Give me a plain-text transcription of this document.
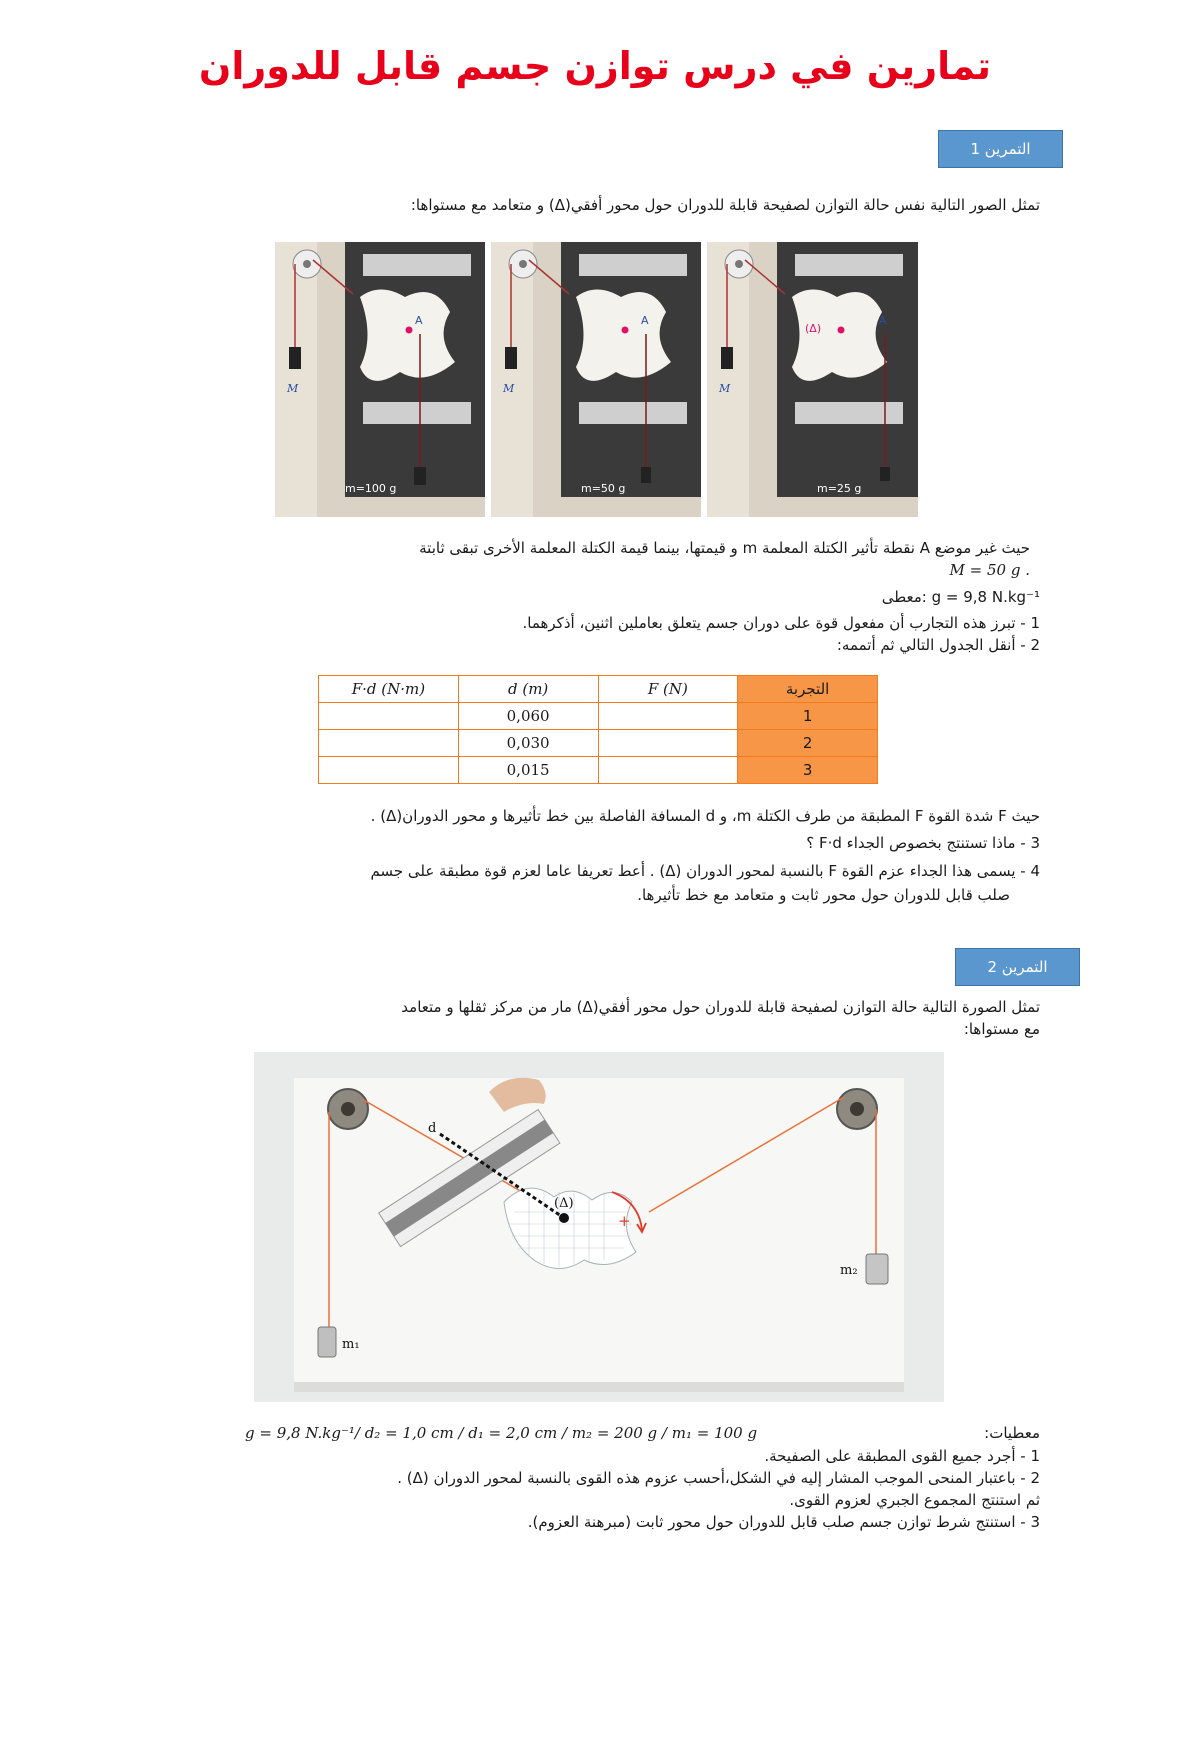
تمارين في درس توازن جسم قابل للدوران
التمرين 1
تمثل الصور التالية نفس حالة التوازن لصفيحة قابلة للدوران حول محور أفقي(Δ) و متعامد مع مستواها:
A
M
m=100 g
A
M
m=50 g
(Δ)
A
M
m=25 g
حيث غير موضع A نقطة تأثير الكتلة المعلمة m و قيمتها، بينما قيمة الكتلة المعلمة الأخرى تبقى ثابتة
. M = 50 g
g = 9,8 N.kg⁻¹ :معطى
1 - تبرز هذه التجارب أن مفعول قوة على دوران جسم يتعلق بعاملين اثنين، أذكرهما.
2 - أنقل الجدول التالي ثم أتممه:
F·d (N·m)	d (m)	F (N)	التجربة
	0,060		1
	0,030		2
	0,015		3
حيث F شدة القوة F المطبقة من طرف الكتلة m، و d المسافة الفاصلة بين خط تأثيرها و محور الدوران(Δ) .
3 - ماذا تستنتج بخصوص الجداء F·d ؟
4 - يسمى هذا الجداء عزم القوة F بالنسبة لمحور الدوران (Δ) . أعط تعريفا عاما لعزم قوة مطبقة على جسم
صلب قابل للدوران حول محور ثابت و متعامد مع خط تأثيرها.
التمرين 2
تمثل الصورة التالية حالة التوازن لصفيحة قابلة للدوران حول محور أفقي(Δ) مار من مركز ثقلها و متعامد
مع مستواها:
d
(Δ)
+
m₁
m₂
معطيات:
g = 9,8 N.kg⁻¹/ d₂ = 1,0 cm / d₁ = 2,0 cm / m₂ = 200 g / m₁ = 100 g
1 - أجرد جميع القوى المطبقة على الصفيحة.
2 - باعتبار المنحى الموجب المشار إليه في الشكل،أحسب عزوم هذه القوى بالنسبة لمحور الدوران (Δ) .
ثم استنتج المجموع الجبري لعزوم القوى.
3 - استنتج شرط توازن جسم صلب قابل للدوران حول محور ثابت (مبرهنة العزوم).
